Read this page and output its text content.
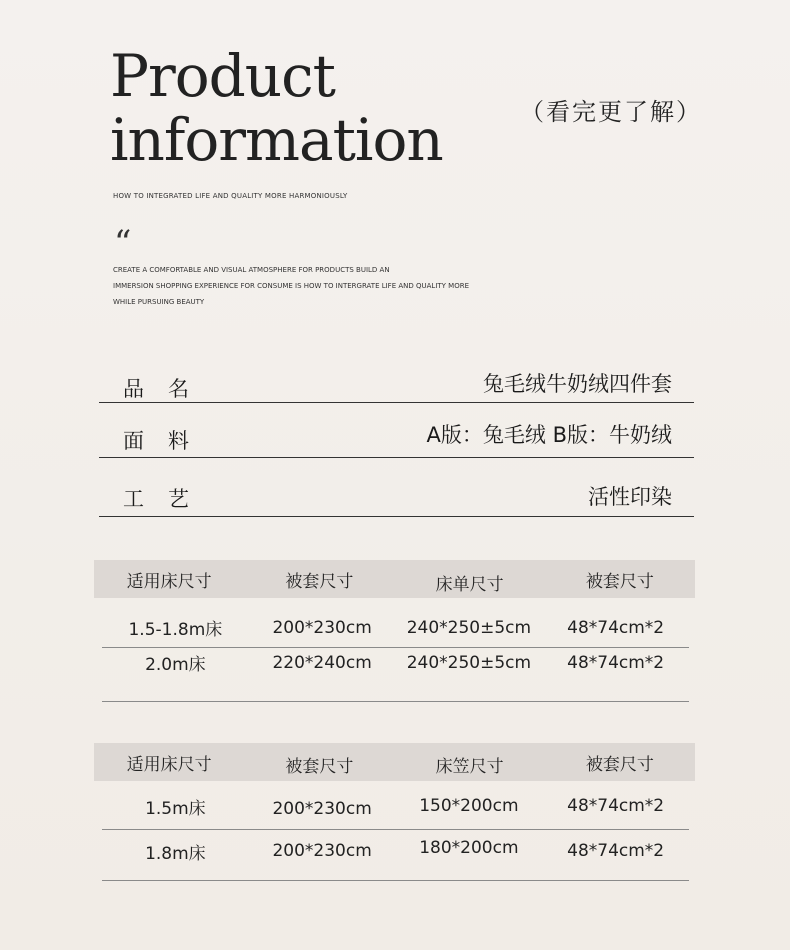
Product
information	（看完更了解）
HOW TO INTEGRATED LIFE AND QUALITY MORE HARMONIOUSLY
“
CREATE A COMFORTABLE AND VISUAL ATMOSPHERE FOR PRODUCTS BUILD AN
IMMERSION SHOPPING EXPERIENCE FOR CONSUME IS HOW TO INTERGRATE LIFE AND QUALITY MORE
WHILE PURSUING BEAUTY
品名	兔毛绒牛奶绒四件套
面料	A版：兔毛绒 B版：牛奶绒
工艺	活性印染
适用床尺寸	被套尺寸	床单尺寸	被套尺寸
1.5-1.8m床	200*230cm	240*250±5cm	48*74cm*2
2.0m床	220*240cm	240*250±5cm	48*74cm*2
适用床尺寸	被套尺寸	床笠尺寸	被套尺寸
1.5m床	200*230cm	150*200cm	48*74cm*2
1.8m床	200*230cm	180*200cm	48*74cm*2
